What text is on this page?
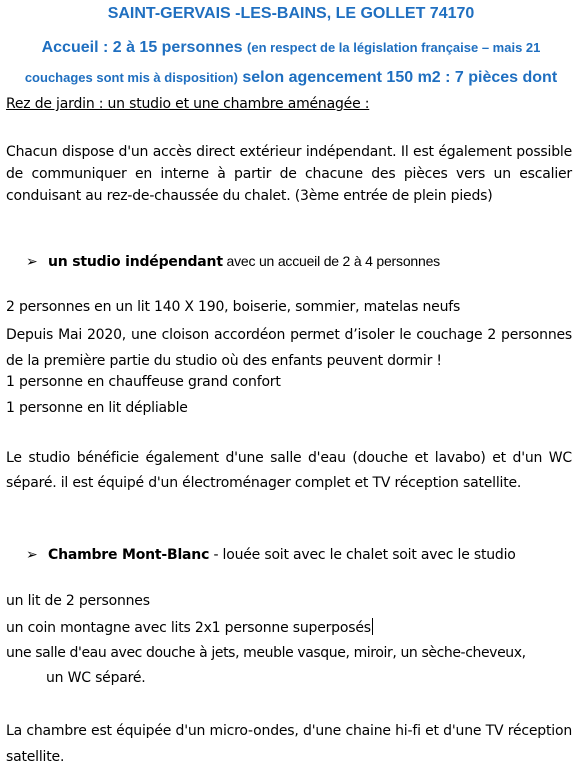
SAINT-GERVAIS -LES-BAINS, LE GOLLET 74170
Accueil : 2 à 15 personnes (en respect de la législation française – mais 21 couchages sont mis à disposition) selon agencement 150 m2 : 7 pièces dont
Rez de jardin : un studio et une chambre aménagée :
Chacun dispose d'un accès direct extérieur indépendant. Il est également possible de communiquer en interne à partir de chacune des pièces vers un escalier conduisant au rez-de-chaussée du chalet. (3ème entrée de plein pieds)
➢ un studio indépendant avec un accueil de 2 à 4 personnes
2 personnes en un lit 140 X 190, boiserie, sommier, matelas neufs
Depuis Mai 2020, une cloison accordéon permet d’isoler le couchage 2 personnes de la première partie du studio où des enfants peuvent dormir !
1 personne en chauffeuse grand confort
1 personne en lit dépliable
Le studio bénéficie également d'une salle d'eau (douche et lavabo) et d'un WC séparé. il est équipé d'un électroménager complet et TV réception satellite.
➢ Chambre Mont-Blanc - louée soit avec le chalet soit avec le studio
un lit de 2 personnes
un coin montagne avec lits 2x1 personne superposés
une salle d'eau avec douche à jets, meuble vasque, miroir, un sèche-cheveux,
un WC séparé.
La chambre est équipée d'un micro-ondes, d'une chaine hi-fi et d'une TV réception satellite.
